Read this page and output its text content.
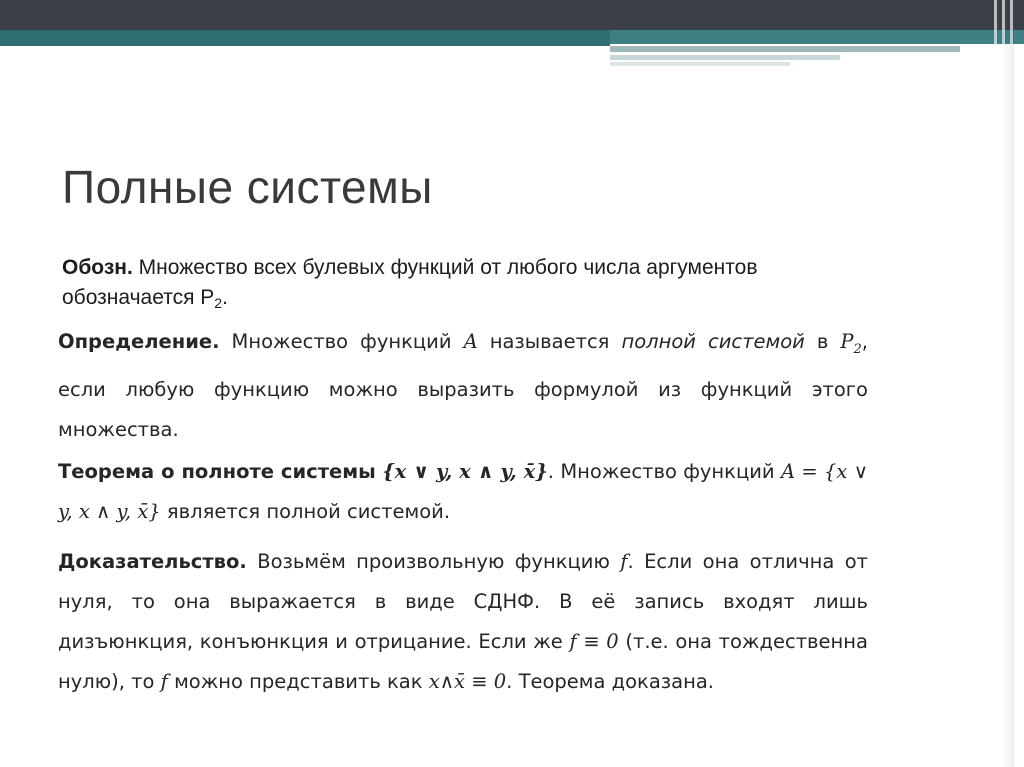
Полные системы
Обозн. Множество всех булевых функций от любого числа аргументов обозначается $P_2$.
Определение. Множество функций A называется полной системой в $P_2$, если любую функцию можно выразить формулой из функций этого множества.
Теорема о полноте системы {x ∨ y, x ∧ y, x̄}. Множество функций A = {x ∨ y, x ∧ y, x̄} является полной системой.
Доказательство. Возьмём произвольную функцию f. Если она отлична от нуля, то она выражается в виде СДНФ. В её запись входят лишь дизъюнкция, конъюнкция и отрицание. Если же f ≡ 0 (т.е. она тождественна нулю), то f можно представить как x∧x̄ ≡ 0. Теорема доказана.
